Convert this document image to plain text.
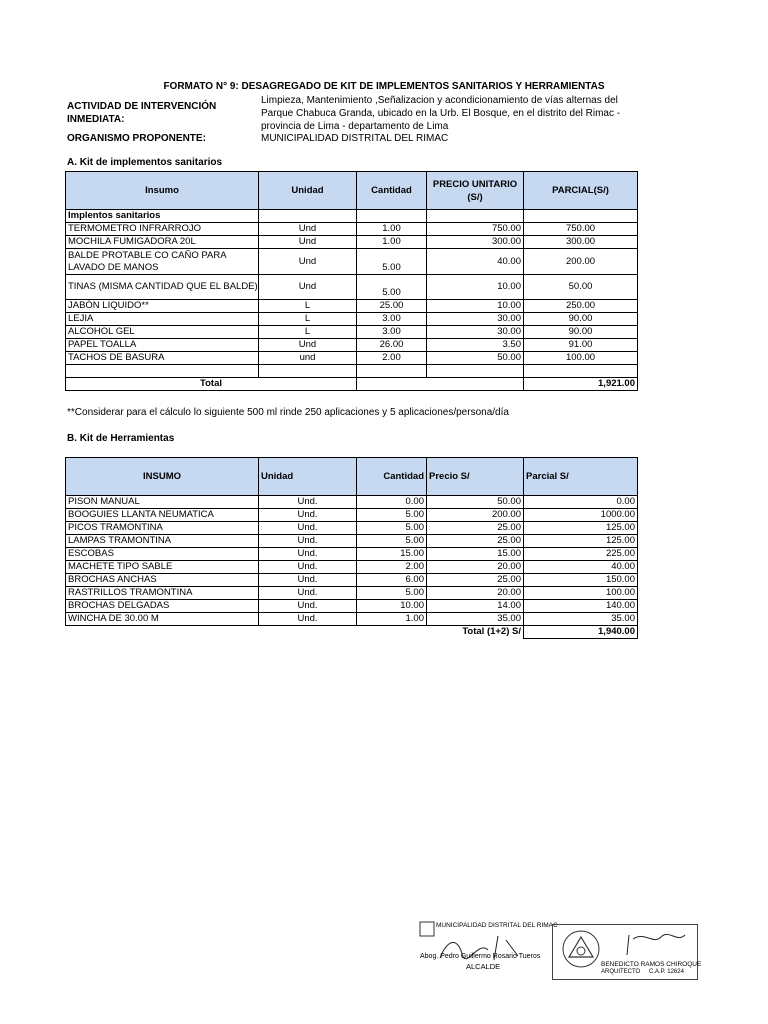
FORMATO N° 9: DESAGREGADO DE KIT DE IMPLEMENTOS SANITARIOS Y HERRAMIENTAS
ACTIVIDAD DE INTERVENCIÓN INMEDIATA:
Limpieza, Mantenimiento ,Señalizacion y acondicionamiento de vías alternas del
Parque Chabuca Granda, ubicado en la Urb. El Bosque, en el distrito del Rimac -
provincia de Lima - departamento de Lima
ORGANISMO PROPONENTE:	MUNICIPALIDAD DISTRITAL DEL RIMAC
A. Kit de implementos sanitarios
Insumo	Unidad	Cantidad	PRECIO UNITARIO (S/)	PARCIAL(S/)
Implentos sanitarios				
TERMOMETRO INFRARROJO	Und	1.00	750.00	750.00
MOCHILA FUMIGADORA 20L	Und	1.00	300.00	300.00
BALDE PROTABLE CO CAÑO PARA LAVADO DE MANOS	Und	5.00	40.00	200.00
TINAS (MISMA CANTIDAD QUE EL BALDE)	Und	5.00	10.00	50.00
JABÓN LIQUIDO**	L	25.00	10.00	250.00
LEJIA	L	3.00	30.00	90.00
ALCOHOL GEL	L	3.00	30.00	90.00
PAPEL TOALLA	Und	26.00	3.50	91.00
TACHOS DE BASURA	und	2.00	50.00	100.00

Total				1,921.00
**Considerar para el cálculo lo siguiente 500 ml rinde 250 aplicaciones y 5 aplicaciones/persona/día
B. Kit de Herramientas
INSUMO	Unidad	Cantidad	Precio S/	Parcial S/
PISON MANUAL	Und.	0.00	50.00	0.00
BOOGUIES LLANTA NEUMATICA	Und.	5.00	200.00	1000.00
PICOS TRAMONTINA	Und.	5.00	25.00	125.00
LAMPAS TRAMONTINA	Und.	5.00	25.00	125.00
ESCOBAS	Und.	15.00	15.00	225.00
MACHETE TIPO SABLE	Und.	2.00	20.00	40.00
BROCHAS ANCHAS	Und.	6.00	25.00	150.00
RASTRILLOS TRAMONTINA	Und.	5.00	20.00	100.00
BROCHAS DELGADAS	Und.	10.00	14.00	140.00
WINCHA DE 30.00 M	Und.	1.00	35.00	35.00
Total (1+2) S/				1,940.00
MUNICIPALIDAD DISTRITAL DEL RIMAC
Abog. Pedro Guillermo Rosario Tueros
ALCALDE	BENEDICTO RAMOS CHIROQUE
ARQUITECTO C.A.P. 12624
